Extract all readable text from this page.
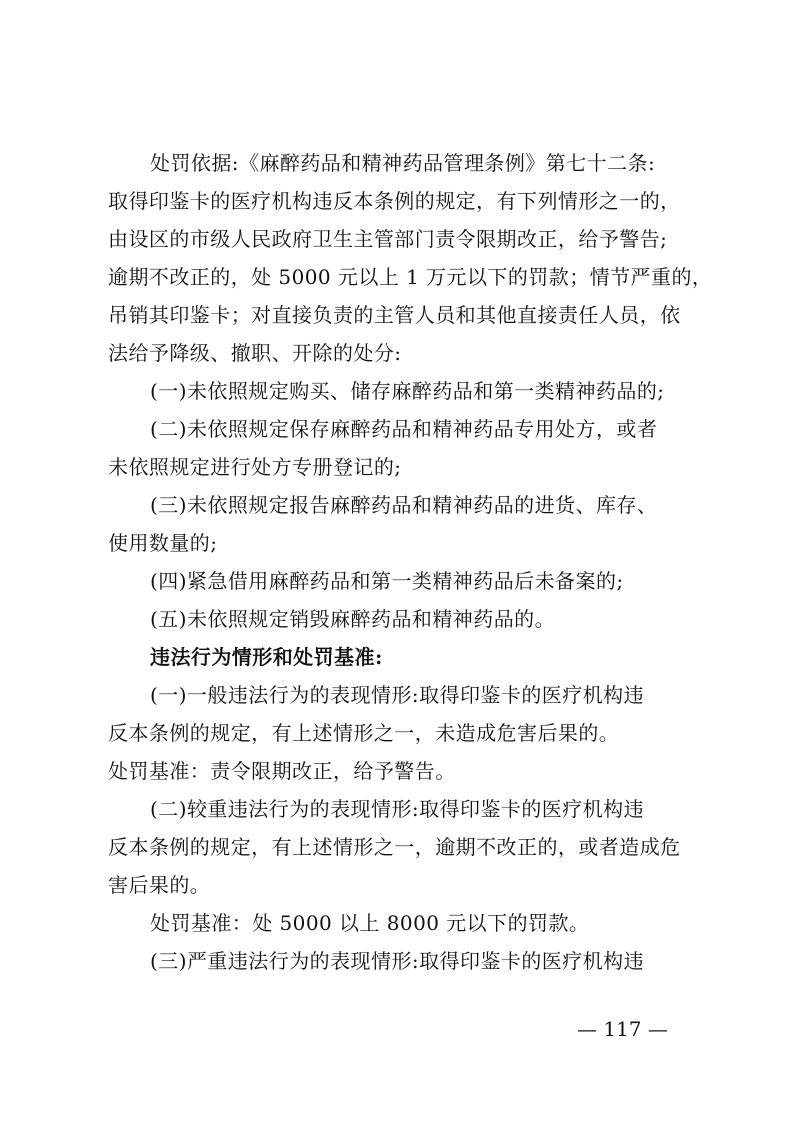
处罚依据:《麻醉药品和精神药品管理条例》第七十二条:
取得印鉴卡的医疗机构违反本条例的规定，有下列情形之一的，
由设区的市级人民政府卫生主管部门责令限期改正，给予警告;
逾期不改正的，处 5000 元以上 1 万元以下的罚款；情节严重的，
吊销其印鉴卡；对直接负责的主管人员和其他直接责任人员，依
法给予降级、撤职、开除的处分:
(一)未依照规定购买、储存麻醉药品和第一类精神药品的;
(二)未依照规定保存麻醉药品和精神药品专用处方，或者
未依照规定进行处方专册登记的;
(三)未依照规定报告麻醉药品和精神药品的进货、库存、
使用数量的;
(四)紧急借用麻醉药品和第一类精神药品后未备案的;
(五)未依照规定销毁麻醉药品和精神药品的。
违法行为情形和处罚基准:
(一)一般违法行为的表现情形:取得印鉴卡的医疗机构违
反本条例的规定，有上述情形之一，未造成危害后果的。
处罚基准：责令限期改正，给予警告。
(二)较重违法行为的表现情形:取得印鉴卡的医疗机构违
反本条例的规定，有上述情形之一，逾期不改正的，或者造成危
害后果的。
处罚基准：处 5000 以上 8000 元以下的罚款。
(三)严重违法行为的表现情形:取得印鉴卡的医疗机构违
— 117 —
